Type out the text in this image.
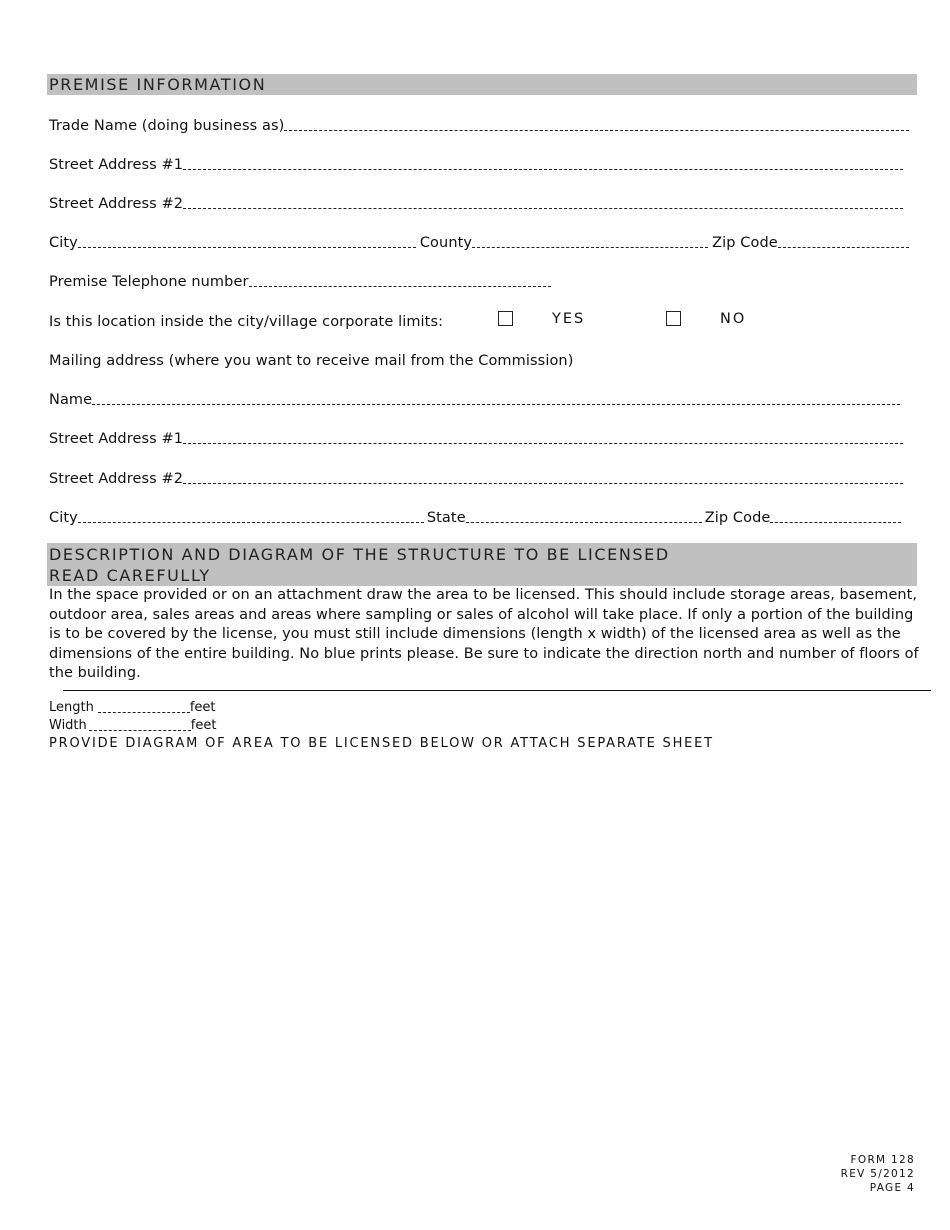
PREMISE INFORMATION
Trade Name (doing business as)
Street Address #1
Street Address #2
City	County	Zip Code
Premise Telephone number
Is this location inside the city/village corporate limits:	YES	NO
Mailing address (where you want to receive mail from the Commission)
Name
Street Address #1
Street Address #2
City	State	Zip Code
DESCRIPTION AND DIAGRAM OF THE STRUCTURE TO BE LICENSED
READ CAREFULLY
In the space provided or on an attachment draw the area to be licensed. This should include storage areas, basement, outdoor area, sales areas and areas where sampling or sales of alcohol will take place. If only a portion of the building is to be covered by the license, you must still include dimensions (length x width) of the licensed area as well as the dimensions of the entire building. No blue prints please. Be sure to indicate the direction north and number of floors of the building.
Length	feet
Width	feet
PROVIDE DIAGRAM OF AREA TO BE LICENSED BELOW OR ATTACH SEPARATE SHEET
FORM 128
REV 5/2012
PAGE 4
